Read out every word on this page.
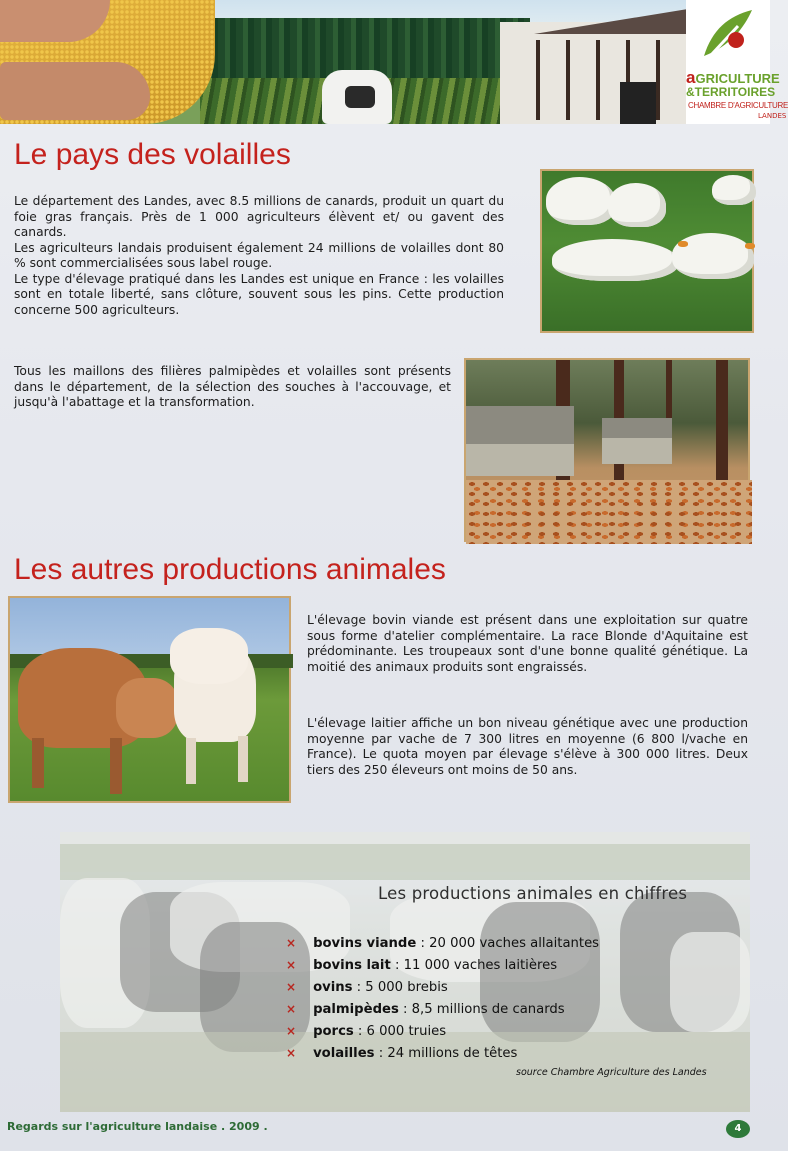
aGRICULTURE
&TERRITOIRES
CHAMBRE D'AGRICULTURE
LANDES
Le pays des volailles

Le département des Landes, avec 8.5 millions de canards, produit un quart du foie gras français. Près de 1 000 agriculteurs élèvent et/ ou gavent des canards.

Les agriculteurs landais produisent également 24 millions de volailles dont 80 % sont commercialisées sous label rouge.

Le type d'élevage pratiqué dans les Landes est unique en France : les volailles sont en totale liberté, sans clôture, souvent sous les pins. Cette production concerne 500 agriculteurs.

Tous les maillons des filières palmipèdes et volailles sont présents dans le département, de la sélection des souches à l'accouvage, et jusqu'à l'abattage et la transformation.
Les autres productions animales
L'élevage bovin viande est présent dans une exploitation sur quatre sous forme d'atelier complémentaire. La race Blonde d'Aquitaine est prédominante. Les troupeaux sont d'une bonne qualité génétique. La moitié des animaux produits sont engraissés.
L'élevage laitier affiche un bon niveau génétique avec une production moyenne par vache de 7 300 litres en moyenne (6 800 l/vache en France). Le quota moyen par élevage s'élève à 300 000 litres. Deux tiers des 250 éleveurs ont moins de 50 ans.
Les productions animales en chiffres
× bovins viande : 20 000 vaches allaitantes
× bovins lait : 11 000 vaches laitières
× ovins : 5 000 brebis
× palmipèdes : 8,5 millions de canards
× porcs : 6 000 truies
× volailles : 24 millions de têtes
source Chambre Agriculture des Landes
Regards sur l'agriculture landaise . 2009 .	4
